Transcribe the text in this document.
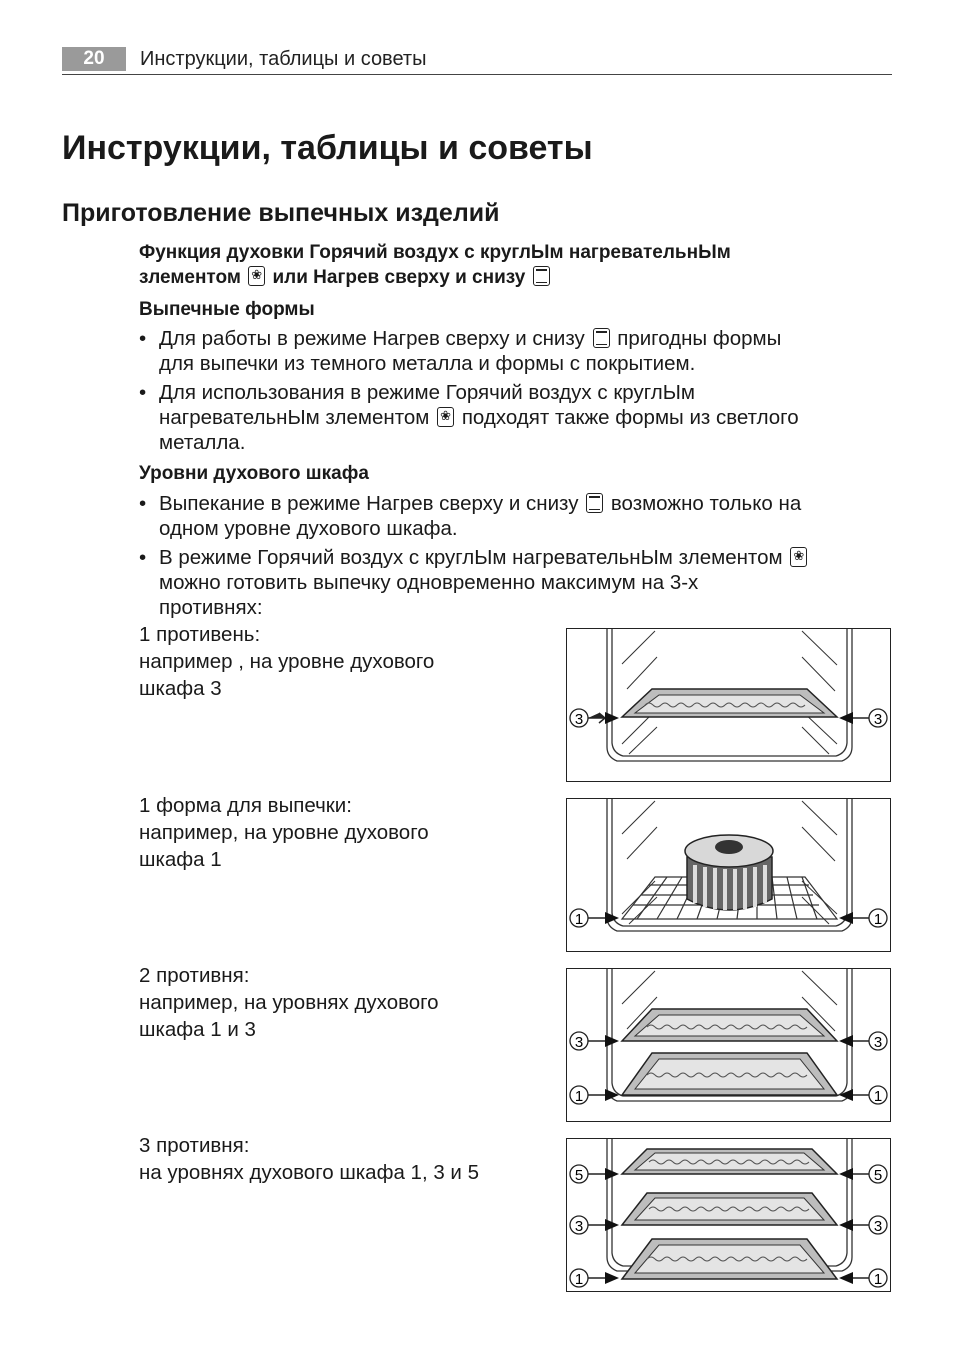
20	Инструкции, таблицы и советы
Инструкции, таблицы и советы
Приготовление выпечных изделий
Функция духовки Горячий воздух с круглЫм нагревательнЫм
злементом ❀ или Нагрев сверху и снизу
Выпечные формы
• Для работы в режиме Нагрев сверху и снизу пригодны формы
для выпечки из темного металла и формы с покрытием.
• Для использования в режиме Горячий воздух с круглЫм
нагревательнЫм злементом ❀ подходят также формы из светлого
металла.
Уровни духового шкафа
• Выпекание в режиме Нагрев сверху и снизу возможно только на
одном уровне духового шкафа.
• В режиме Горячий воздух с круглЫм нагревательнЫм злементом ❀
можно готовить выпечку одновременно максимум на 3-х
противнях:
1 противень:
например , на уровне духового
шкафа 3
1 форма для выпечки:
например, на уровне духового
шкафа 1
2 противня:
например, на уровнях духового
шкафа 1 и 3
3 противня:
на уровнях духового шкафа 1, 3 и 5
3	3
1	1
3
1
3
1
5
3
1
5
3
1
